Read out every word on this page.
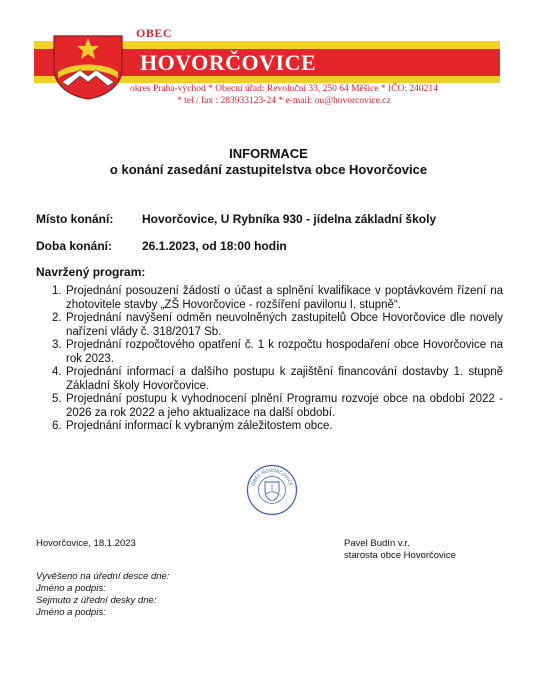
OBEC
HOVORČOVICE
okres Praha-východ * Obecní úřad: Revoluční 33, 250 64 Měšice * IČO: 240214
* tel / fax : 283933123-24 * e-mail: ou@hovorcovice.cz
INFORMACE
o konání zasedání zastupitelstva obce Hovorčovice
Místo konání: Hovorčovice, U Rybníka 930 - jídelna základní školy
Doba konání: 26.1.2023, od 18:00 hodin
Navržený program:
1. Projednání posouzení žádostí o účast a splnění kvalifikace v poptávkovém řízení na zhotovitele stavby „ZŠ Hovorčovice - rozšíření pavilonu I. stupně“.
2. Projednání navýšení odměn neuvolněných zastupitelů Obce Hovorčovice dle novely nařízení vlády č. 318/2017 Sb.
3. Projednání rozpočtového opatření č. 1 k rozpočtu hospodaření obce Hovorčovice na rok 2023.
4. Projednání informací a dalšího postupu k zajištění financování dostavby 1. stupně Základní školy Hovorčovice.
5. Projednání postupu k vyhodnocení plnění Programu rozvoje obce na období 2022 - 2026 za rok 2022 a jeho aktualizace na další období.
6. Projednání informací k vybraným záležitostem obce.
OBEC HOVORČOVICE
Hovorčovice, 18.1.2023	Pavel Budín v.r.
starosta obce Hovorčovice
Vyvěšeno na úřední desce dne:
Jméno a podpis:
Sejmuto z úřední desky dne:
Jméno a podpis:
